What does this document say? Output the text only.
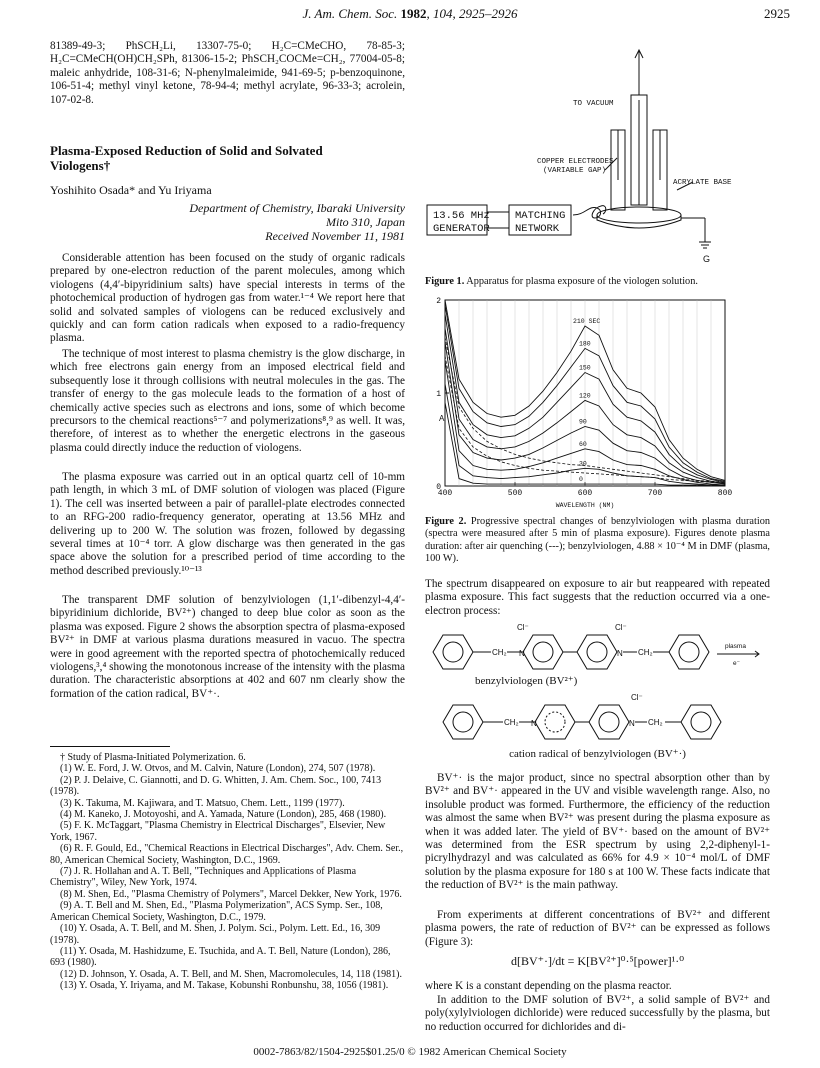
J. Am. Chem. Soc. 1982, 104, 2925–2926	2925
81389-49-3; PhSCH₂Li, 13307-75-0; H₂C=CMeCHO, 78-85-3; H₂C=CMeCH(OH)CH₂SPh, 81306-15-2; PhSCH₂COCMe=CH₂, 77004-05-8; maleic anhydride, 108-31-6; N-phenylmaleimide, 941-69-5; p-benzoquinone, 106-51-4; methyl vinyl ketone, 78-94-4; methyl acrylate, 96-33-3; acrolein, 107-02-8.
Plasma-Exposed Reduction of Solid and Solvated
Viologens†
Yoshihito Osada* and Yu Iriyama
Department of Chemistry, Ibaraki University
Mito 310, Japan
Received November 11, 1981
Considerable attention has been focused on the study of organic radicals prepared by one-electron reduction of the parent molecules, among which viologens (4,4′-bipyridinium salts) have special interests in terms of the photochemical production of hydrogen gas from water.¹⁻⁴ We report here that solid and solvated samples of viologens can be reduced exclusively and quickly and can form cation radicals when exposed to a radio-frequency plasma.
The technique of most interest to plasma chemistry is the glow discharge, in which free electrons gain energy from an imposed electrical field and subsequently lose it through collisions with neutral molecules in the gas. The transfer of energy to the gas molecule leads to the formation of a host of chemically active species such as electrons and ions, some of which become precursors to the chemical reactions⁵⁻⁷ and polymerizations⁸,⁹ as well. It was, therefore, of interest as to whether the energetic electrons in the gaseous plasma could directly induce the reduction of viologens.
The plasma exposure was carried out in an optical quartz cell of 10-mm path length, in which 3 mL of DMF solution of viologen was placed (Figure 1). The cell was inserted between a pair of parallel-plate electrodes connected to an RFG-200 radio-frequency generator, operating at 13.56 MHz and delivering up to 200 W. The solution was frozen, followed by degassing several times at 10⁻⁴ torr. A glow discharge was then generated in the gas space above the solution for a prescribed period of time according to the method described previously.¹⁰⁻¹³
The transparent DMF solution of benzylviologen (1,1′-dibenzyl-4,4′-bipyridinium dichloride, BV²⁺) changed to deep blue color as soon as the plasma was exposed. Figure 2 shows the absorption spectra of plasma-exposed BV²⁺ in DMF at various plasma durations measured in vacuo. The spectra were in good agreement with the reported spectra of photochemically reduced viologens,³,⁴ showing the monotonous increase of the intensity with the plasma duration. The characteristic absorptions at 402 and 607 nm clearly show the formation of the cation radical, BV⁺·.
† Study of Plasma-Initiated Polymerization. 6.
(1) W. E. Ford, J. W. Otvos, and M. Calvin, Nature (London), 274, 507 (1978).
(2) P. J. Delaive, C. Giannotti, and D. G. Whitten, J. Am. Chem. Soc., 100, 7413 (1978).
(3) K. Takuma, M. Kajiwara, and T. Matsuo, Chem. Lett., 1199 (1977).
(4) M. Kaneko, J. Motoyoshi, and A. Yamada, Nature (London), 285, 468 (1980).
(5) F. K. McTaggart, "Plasma Chemistry in Electrical Discharges", Elsevier, New York, 1967.
(6) R. F. Gould, Ed., "Chemical Reactions in Electrical Discharges", Adv. Chem. Ser., 80, American Chemical Society, Washington, D.C., 1969.
(7) J. R. Hollahan and A. T. Bell, "Techniques and Applications of Plasma Chemistry", Wiley, New York, 1974.
(8) M. Shen, Ed., "Plasma Chemistry of Polymers", Marcel Dekker, New York, 1976.
(9) A. T. Bell and M. Shen, Ed., "Plasma Polymerization", ACS Symp. Ser., 108, American Chemical Society, Washington, D.C., 1979.
(10) Y. Osada, A. T. Bell, and M. Shen, J. Polym. Sci., Polym. Lett. Ed., 16, 309 (1978).
(11) Y. Osada, M. Hashidzume, E. Tsuchida, and A. T. Bell, Nature (London), 286, 693 (1980).
(12) D. Johnson, Y. Osada, A. T. Bell, and M. Shen, Macromolecules, 14, 118 (1981).
(13) Y. Osada, Y. Iriyama, and M. Takase, Kobunshi Ronbunshu, 38, 1056 (1981).
TO VACUUM
COPPER ELECTRODES
(VARIABLE GAP)
ACRYLATE BASE
13.56 MHz
GENERATOR
MATCHING
NETWORK
G
Figure 1. Apparatus for plasma exposure of the viologen solution.
210 SEC
180
150
120
90
60
30
0
400	500	600	700	800
0
1
2
A
WAVELENGTH (NM)
Figure 2. Progressive spectral changes of benzylviologen with plasma duration (spectra were measured after 5 min of plasma exposure). Figures denote plasma duration: after air quenching (---); benzylviologen, 4.88 × 10⁻⁴ M in DMF (plasma, 100 W).
The spectrum disappeared on exposure to air but reappeared with repeated plasma exposure. This fact suggests that the reduction occurred via a one-electron process:
CH₂ N	N CH₂
Cl⁻	Cl⁻
CH₂ N	N CH₂
Cl⁻
plasma
e⁻
benzylviologen (BV²⁺)
cation radical of benzylviologen (BV⁺·)
BV⁺· is the major product, since no spectral absorption other than by BV²⁺ and BV⁺· appeared in the UV and visible wavelength range. Also, no insoluble product was formed. Furthermore, the efficiency of the reduction was almost the same when BV²⁺ was present during the plasma exposure as when it was added later. The yield of BV⁺· based on the amount of BV²⁺ was determined from the ESR spectrum by using 2,2-diphenyl-1-picrylhydrazyl and was calculated as 66% for 4.9 × 10⁻⁴ mol/L of DMF solution by the plasma exposure for 180 s at 100 W. These facts indicate that the reduction of BV²⁺ is the main pathway.
From experiments at different concentrations of BV²⁺ and different plasma powers, the rate of reduction of BV²⁺ can be expressed as follows (Figure 3):
d[BV⁺·]/dt = K[BV²⁺]⁰·⁵[power]¹·⁰
where K is a constant depending on the plasma reactor.
In addition to the DMF solution of BV²⁺, a solid sample of BV²⁺ and poly(xylylviologen dichloride) were reduced successfully by the plasma, but no reduction occurred for dichlorides and di-
0002-7863/82/1504-2925$01.25/0 © 1982 American Chemical Society
